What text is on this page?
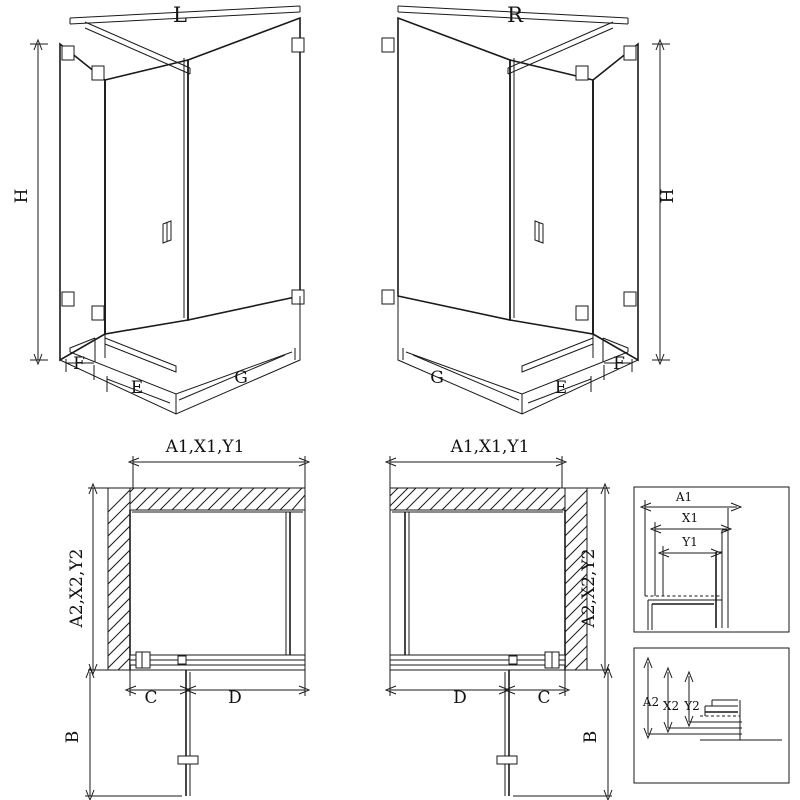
L
H
F
E	G
R
H
F
E
G
A1,X1,Y1
A2,X2,Y2
C	D
B
A1,X1,Y1
A2,X2,Y2
D	C
B
A1
X1
Y1
A2 X2 Y2
